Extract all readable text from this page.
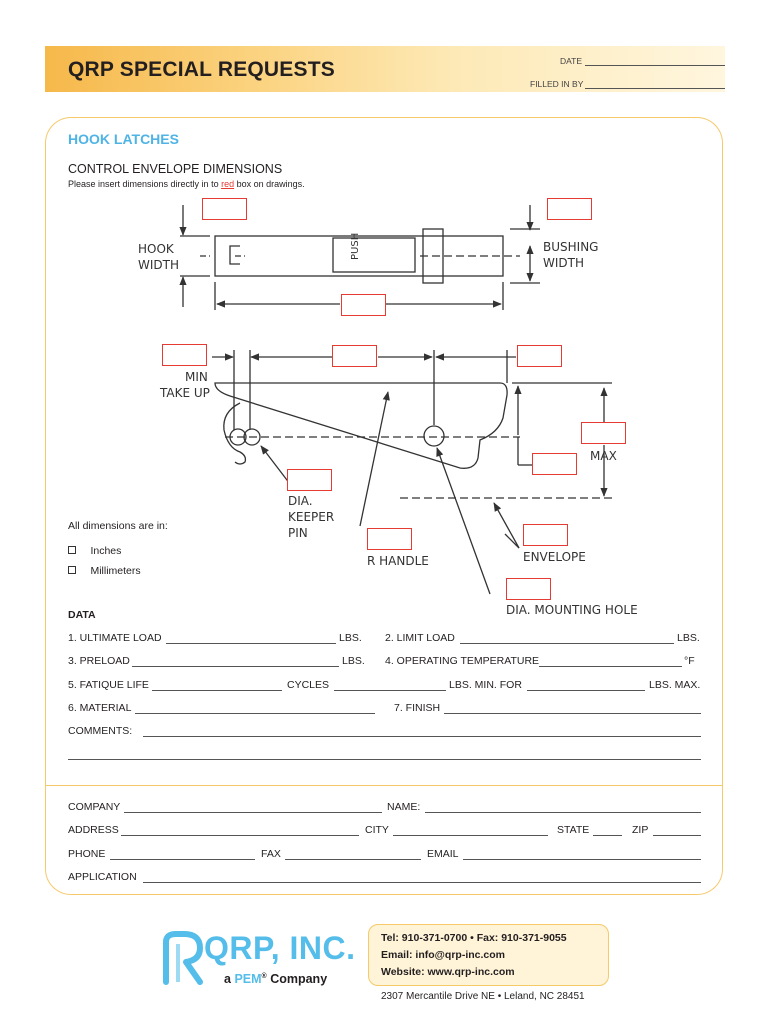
QRP SPECIAL REQUESTS	DATE
FILLED IN BY
HOOK LATCHES
CONTROL ENVELOPE DIMENSIONS
Please insert dimensions directly in to red box on drawings.
PUSH
HOOK
WIDTH
BUSHING
WIDTH
MIN
TAKE UP
MAX
DIA.
KEEPER
PIN
R HANDLE	ENVELOPE
DIA. MOUNTING HOLE
All dimensions are in:
Inches
Millimeters
DATA
1. ULTIMATE LOAD	LBS. 2. LIMIT LOAD	LBS.
3. PRELOAD	LBS. 4. OPERATING TEMPERATURE	°F
5. FATIQUE LIFE	CYCLES	LBS. MIN. FOR	LBS. MAX.
6. MATERIAL	7. FINISH
COMMENTS:
COMPANY	NAME:
ADDRESS	CITY	STATE	ZIP
PHONE	FAX	EMAIL
APPLICATION
QRP, INC.
a PEM® Company
Tel: 910-371-0700 • Fax: 910-371-9055
Email: info@qrp-inc.com
Website: www.qrp-inc.com
2307 Mercantile Drive NE • Leland, NC 28451
